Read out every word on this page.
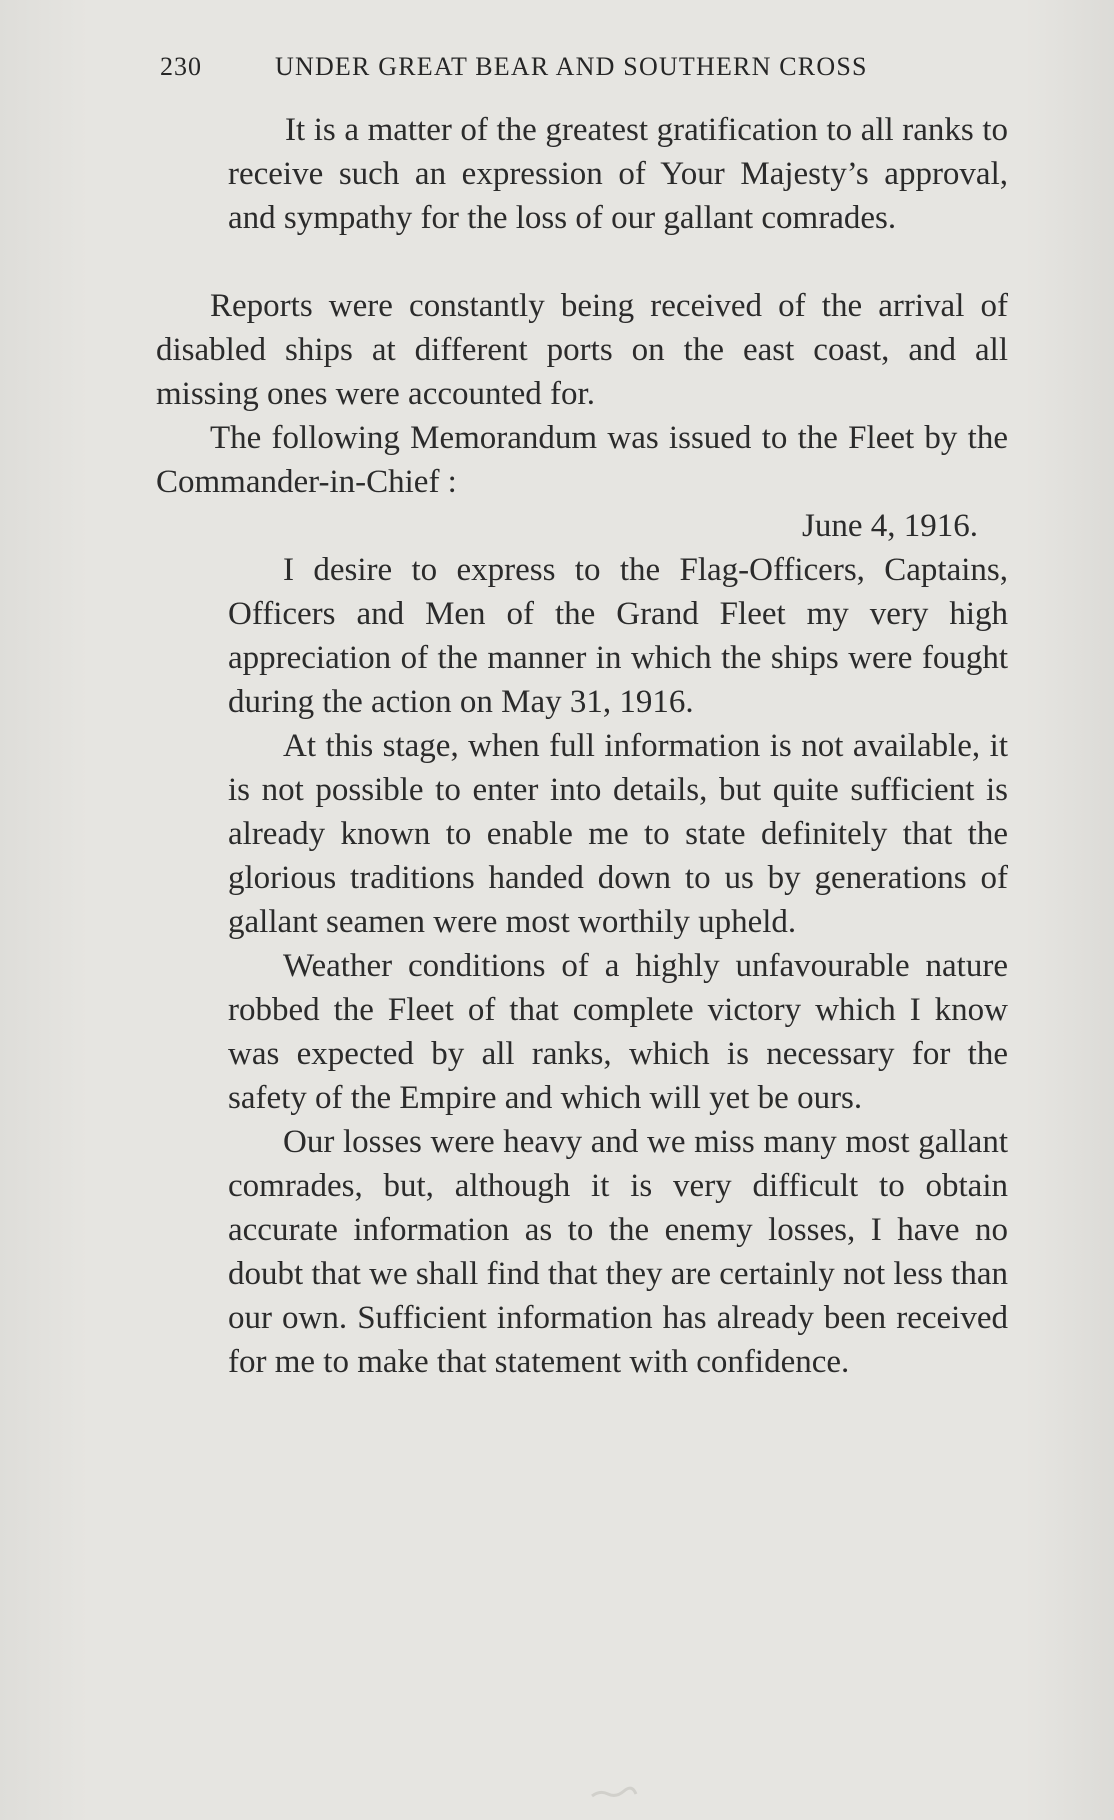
230	UNDER GREAT BEAR AND SOUTHERN CROSS

It is a matter of the greatest gratification to all ranks to receive such an expression of Your Majesty’s approval, and sympathy for the loss of our gallant comrades.

Reports were constantly being received of the arrival of disabled ships at different ports on the east coast, and all missing ones were accounted for.

The following Memorandum was issued to the Fleet by the Commander-in-Chief :

June 4, 1916.

I desire to express to the Flag-Officers, Captains, Officers and Men of the Grand Fleet my very high appreciation of the manner in which the ships were fought during the action on May 31, 1916.

At this stage, when full information is not available, it is not possible to enter into details, but quite sufficient is already known to enable me to state definitely that the glorious traditions handed down to us by generations of gallant seamen were most worthily upheld.

Weather conditions of a highly unfavourable nature robbed the Fleet of that complete victory which I know was expected by all ranks, which is necessary for the safety of the Empire and which will yet be ours.

Our losses were heavy and we miss many most gallant comrades, but, although it is very difficult to obtain accurate information as to the enemy losses, I have no doubt that we shall find that they are certainly not less than our own. Sufficient information has already been received for me to make that statement with confidence.
